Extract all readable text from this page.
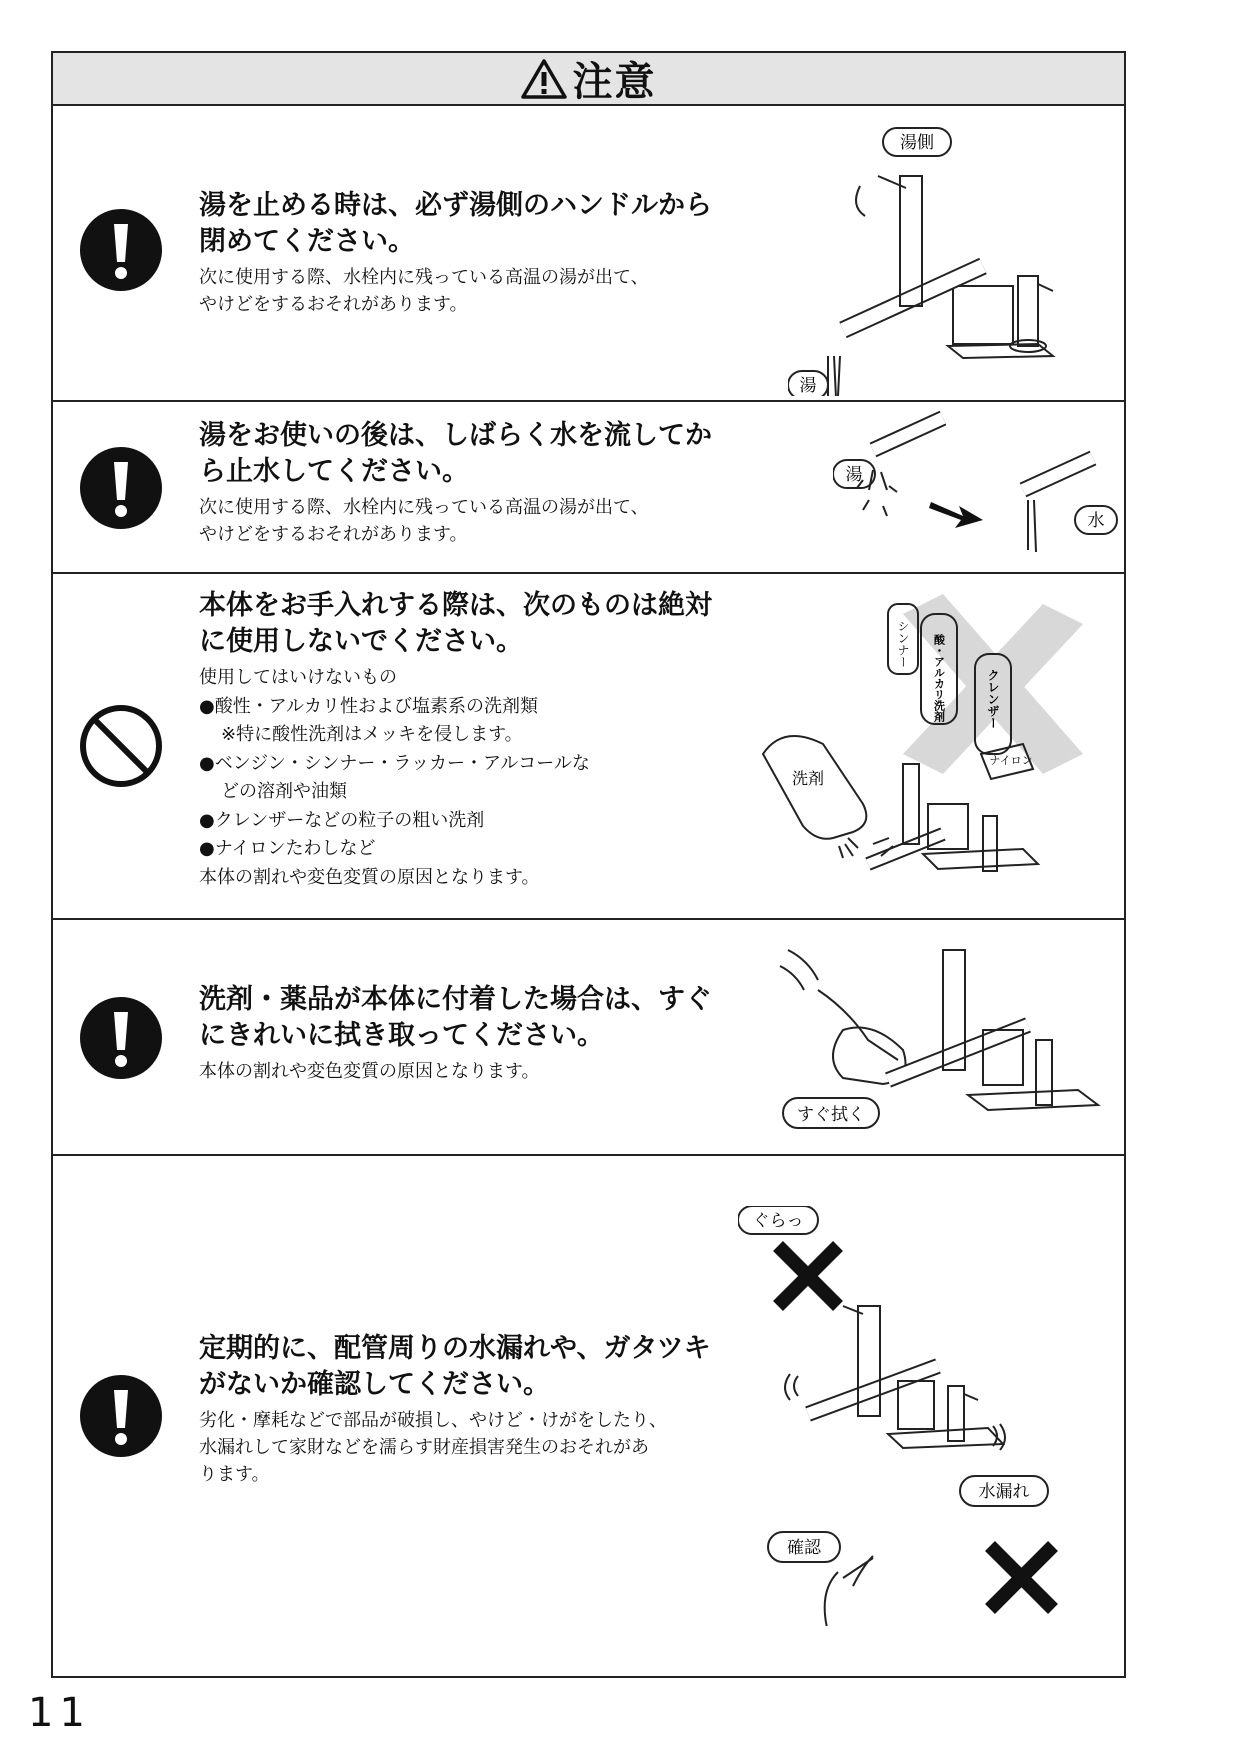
注意
湯を止める時は、必ず湯側のハンドルから
閉めてください。

次に使用する際、水栓内に残っている高温の湯が出て、

やけどをするおそれがあります。

湯側
湯
湯をお使いの後は、しばらく水を流してか
ら止水してください。

次に使用する際、水栓内に残っている高温の湯が出て、

やけどをするおそれがあります。

湯
水
本体をお手入れする際は、次のものは絶対
に使用しないでください。

使用してはいけないもの

●酸性・アルカリ性および塩素系の洗剤類

※特に酸性洗剤はメッキを侵します。

●ベンジン・シンナー・ラッカー・アルコールな

どの溶剤や油類

●クレンザーなどの粒子の粗い洗剤

●ナイロンたわしなど

本体の割れや変色変質の原因となります。

シンナー 酸・アルカリ洗剤	クレンザー
ナイロン
洗剤
洗剤・薬品が本体に付着した場合は、すぐ
にきれいに拭き取ってください。

本体の割れや変色変質の原因となります。

すぐ拭く
定期的に、配管周りの水漏れや、ガタツキ
がないか確認してください。

劣化・摩耗などで部品が破損し、やけど・けがをしたり、

水漏れして家財などを濡らす財産損害発生のおそれがあ

ります。

ぐらっ
水漏れ
確認
11
